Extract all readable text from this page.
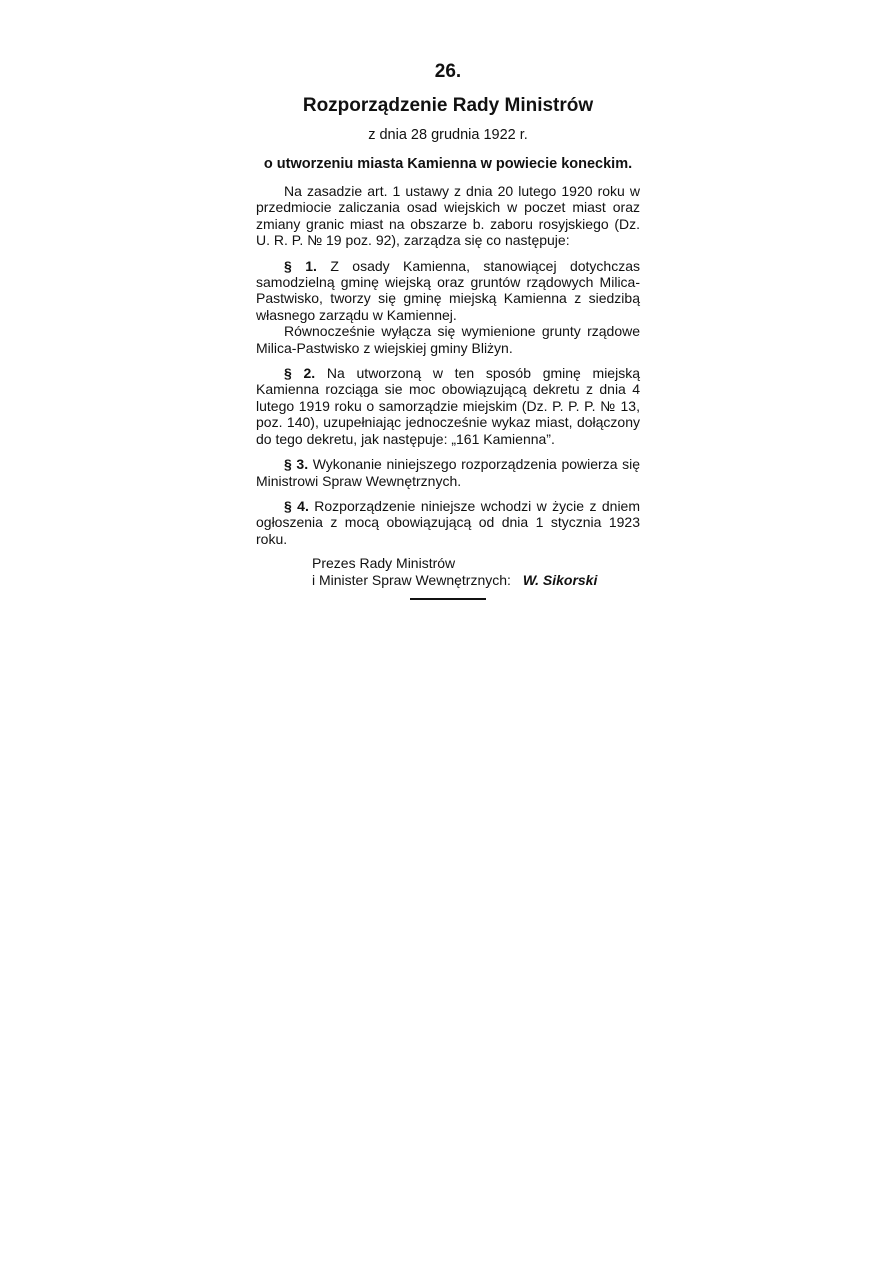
26.
Rozporządzenie Rady Ministrów
z dnia 28 grudnia 1922 r.
o utworzeniu miasta Kamienna w powiecie koneckim.

Na zasadzie art. 1 ustawy z dnia 20 lutego 1920 roku w przedmiocie zaliczania osad wiejskich w poczet miast oraz zmiany granic miast na obszarze b. zaboru rosyjskiego (Dz. U. R. P. № 19 poz. 92), zarządza się co następuje:

§ 1. Z osady Kamienna, stanowiącej dotychczas samodzielną gminę wiejską oraz gruntów rządowych Milica-Pastwisko, tworzy się gminę miejską Kamienna z siedzibą własnego zarządu w Kamiennej.

Równocześnie wyłącza się wymienione grunty rządowe Milica-Pastwisko z wiejskiej gminy Bliżyn.

§ 2. Na utworzoną w ten sposób gminę miejską Kamienna rozciąga sie moc obowiązującą dekretu z dnia 4 lutego 1919 roku o samorządzie miejskim (Dz. P. P. P. № 13, poz. 140), uzupełniając jednocześnie wykaz miast, dołączony do tego dekretu, jak następuje: „161 Kamienna”.

§ 3. Wykonanie niniejszego rozporządzenia powierza się Ministrowi Spraw Wewnętrznych.

§ 4. Rozporządzenie niniejsze wchodzi w życie z dniem ogłoszenia z mocą obowiązującą od dnia 1 stycznia 1923 roku.

Prezes Rady Ministrów
i Minister Spraw Wewnętrznych: W. Sikorski
